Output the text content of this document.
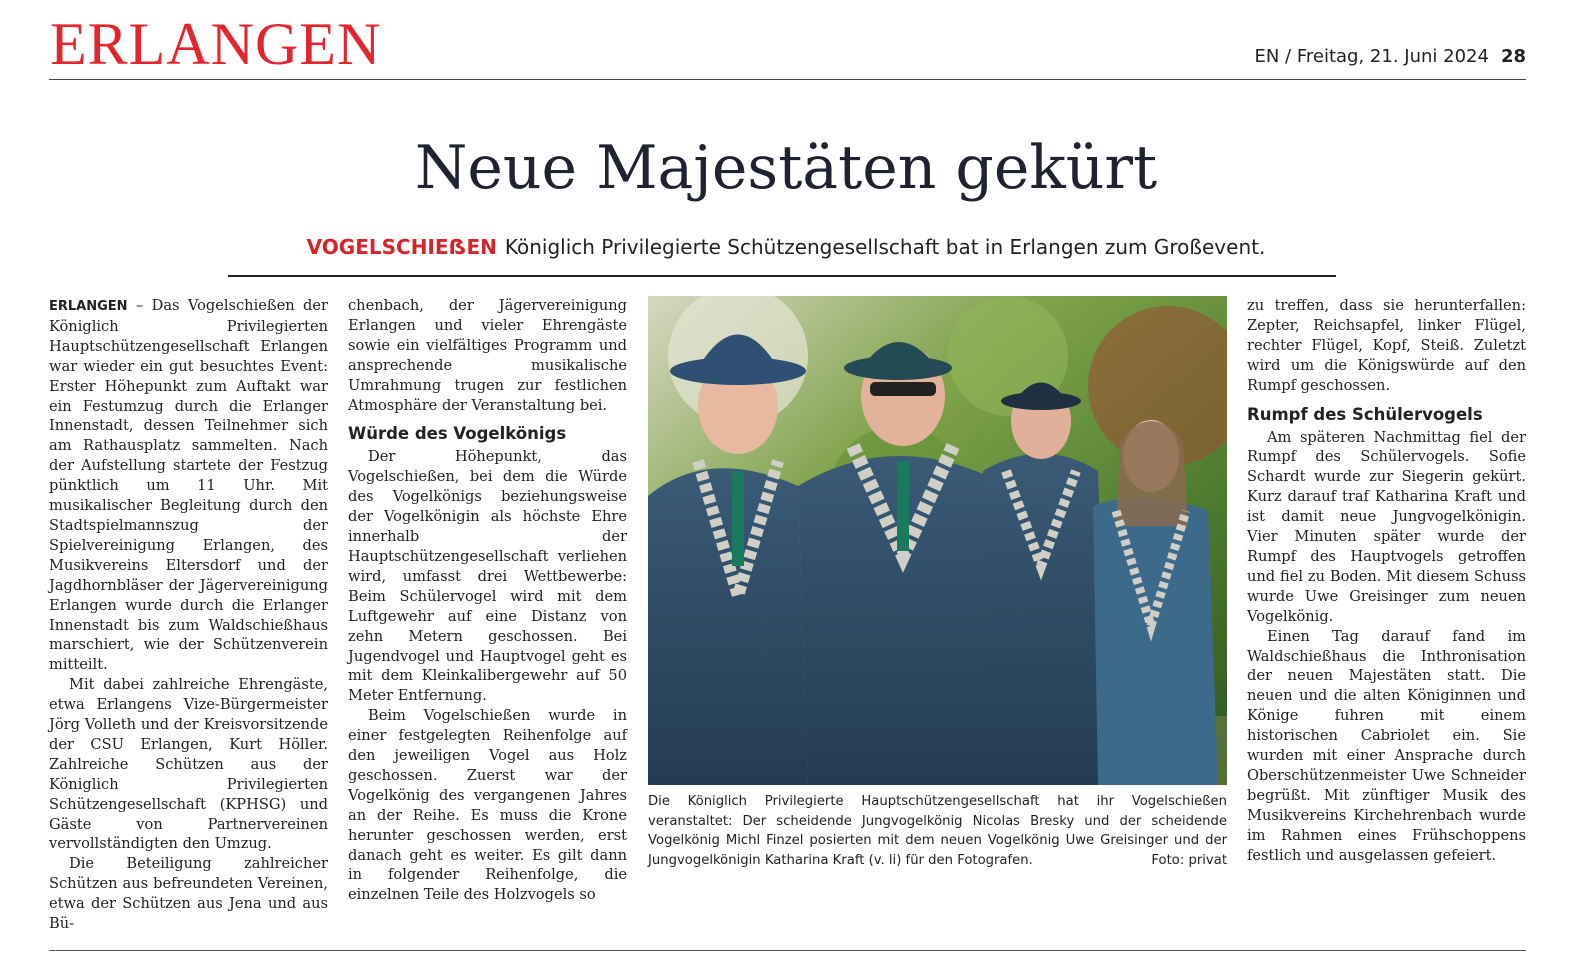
ERLANGEN	EN / Freitag, 21. Juni 2024 28
Neue Majestäten gekürt
VOGELSCHIEẞEN Königlich Privilegierte Schützengesellschaft bat in Erlangen zum Großevent.

ERLANGEN – Das Vogelschießen der Königlich Privilegierten Hauptschützengesellschaft Erlangen war wieder ein gut besuchtes Event: Erster Höhepunkt zum Auftakt war ein Festumzug durch die Erlanger Innenstadt, dessen Teilnehmer sich am Rathausplatz sammelten. Nach der Aufstellung startete der Festzug pünktlich um 11 Uhr. Mit musikalischer Begleitung durch den Stadtspielmannszug der Spielvereinigung Erlangen, des Musikvereins Eltersdorf und der Jagdhornbläser der Jägervereinigung Erlangen wurde durch die Erlanger Innenstadt bis zum Waldschießhaus marschiert, wie der Schützenverein mitteilt.

Mit dabei zahlreiche Ehrengäste, etwa Erlangens Vize-Bürgermeister Jörg Volleth und der Kreisvorsitzende der CSU Erlangen, Kurt Höller. Zahlreiche Schützen aus der Königlich Privilegierten Schützengesellschaft (KPHSG) und Gäste von Partnervereinen vervollständigten den Umzug.

Die Beteiligung zahlreicher Schützen aus befreundeten Vereinen, etwa der Schützen aus Jena und aus Bü-

chenbach, der Jägervereinigung Erlangen und vieler Ehrengäste sowie ein vielfältiges Programm und ansprechende musikalische Umrahmung trugen zur festlichen Atmosphäre der Veranstaltung bei.

Würde des Vogelkönigs

Der Höhepunkt, das Vogelschießen, bei dem die Würde des Vogelkönigs beziehungsweise der Vogelkönigin als höchste Ehre innerhalb der Hauptschützengesellschaft verliehen wird, umfasst drei Wettbewerbe: Beim Schülervogel wird mit dem Luftgewehr auf eine Distanz von zehn Metern geschossen. Bei Jugendvogel und Hauptvogel geht es mit dem Kleinkalibergewehr auf 50 Meter Entfernung.

Beim Vogelschießen wurde in einer festgelegten Reihenfolge auf den jeweiligen Vogel aus Holz geschossen. Zuerst war der Vogelkönig des vergangenen Jahres an der Reihe. Es muss die Krone herunter geschossen werden, erst danach geht es weiter. Es gilt dann in folgender Reihenfolge, die einzelnen Teile des Holzvogels so

Die Königlich Privilegierte Hauptschützengesellschaft hat ihr Vogelschießen veranstaltet: Der scheidende Jungvogelkönig Nicolas Bresky und der scheidende Vogelkönig Michl Finzel posierten mit dem neuen Vogelkönig Uwe Greisinger und der Jungvogelkönigin Katharina Kraft (v. li) für den Fotografen.	Foto: privat

zu treffen, dass sie herunterfallen: Zepter, Reichsapfel, linker Flügel, rechter Flügel, Kopf, Steiß. Zuletzt wird um die Königswürde auf den Rumpf geschossen.

Rumpf des Schülervogels

Am späteren Nachmittag fiel der Rumpf des Schülervogels. Sofie Schardt wurde zur Siegerin gekürt. Kurz darauf traf Katharina Kraft und ist damit neue Jungvogelkönigin. Vier Minuten später wurde der Rumpf des Hauptvogels getroffen und fiel zu Boden. Mit diesem Schuss wurde Uwe Greisinger zum neuen Vogelkönig.

Einen Tag darauf fand im Waldschießhaus die Inthronisation der neuen Majestäten statt. Die neuen und die alten Königinnen und Könige fuhren mit einem historischen Cabriolet ein. Sie wurden mit einer Ansprache durch Oberschützenmeister Uwe Schneider begrüßt. Mit zünftiger Musik des Musikvereins Kirchehrenbach wurde im Rahmen eines Frühschoppens festlich und ausgelassen gefeiert.
